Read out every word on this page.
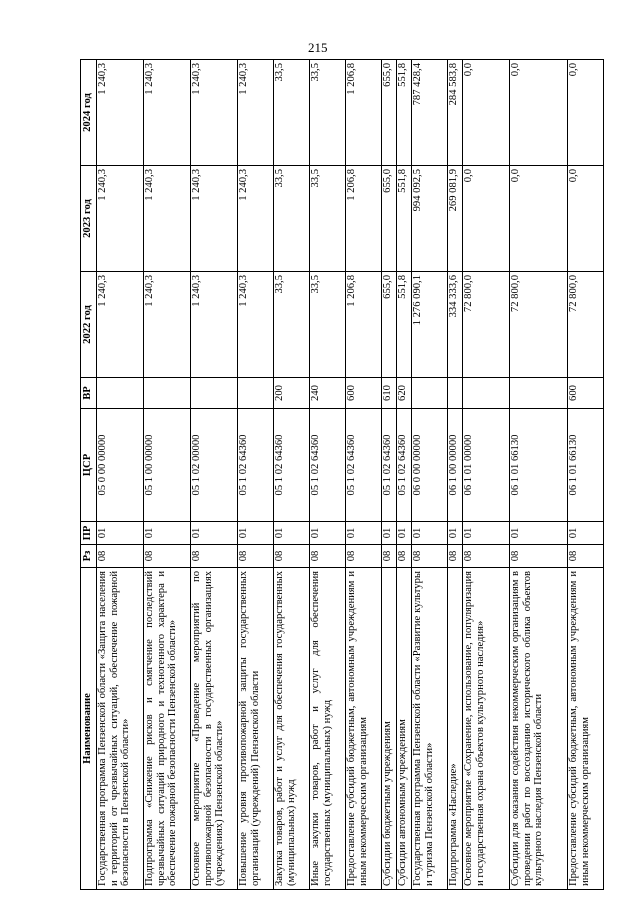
215
Наименование	Рз	ПР	ЦСР	ВР	2022 год	2023 год	2024 год
Государственная программа Пензенской области «Защита населения и территорий от чрезвычайных ситуаций, обеспечение пожарной безопасности в Пензенской области»	08	01	05 0 00 00000		1 240,3	1 240,3	1 240,3
Подпрограмма «Снижение рисков и смягчение последствий чрезвычайных ситуаций природного и техногенного характера и обеспечение пожарной безопасности Пензенской области»	08	01	05 1 00 00000		1 240,3	1 240,3	1 240,3
Основное мероприятие «Проведение мероприятий по противопожарной безопасности в государственных организациях (учреждениях) Пензенской области»	08	01	05 1 02 00000		1 240,3	1 240,3	1 240,3
Повышение уровня противопожарной защиты государственных организаций (учреждений) Пензенской области	08	01	05 1 02 64360		1 240,3	1 240,3	1 240,3
Закупка товаров, работ и услуг для обеспечения государственных (муниципальных) нужд	08	01	05 1 02 64360	200	33,5	33,5	33,5
Иные закупки товаров, работ и услуг для обеспечения государственных (муниципальных) нужд	08	01	05 1 02 64360	240	33,5	33,5	33,5
Предоставление субсидий бюджетным, автономным учреждениям и иным некоммерческим организациям	08	01	05 1 02 64360	600	1 206,8	1 206,8	1 206,8
Субсидии бюджетным учреждениям	08	01	05 1 02 64360	610	655,0	655,0	655,0
Субсидии автономным учреждениям	08	01	05 1 02 64360	620	551,8	551,8	551,8
Государственная программа Пензенской области «Развитие культуры и туризма Пензенской области»	08	01	06 0 00 00000		1 276 090,1	994 092,5	787 428,4
Подпрограмма «Наследие»	08	01	06 1 00 00000		334 333,6	269 081,9	284 583,8
Основное мероприятие «Сохранение, использование, популяризация и государственная охрана объектов культурного наследия»	08	01	06 1 01 00000		72 800,0	0,0	0,0
Субсидии для оказания содействия некоммерческим организациям в проведении работ по воссозданию исторического облика объектов культурного наследия Пензенской области	08	01	06 1 01 66130		72 800,0	0,0	0,0
Предоставление субсидий бюджетным, автономным учреждениям и иным некоммерческим организациям	08	01	06 1 01 66130	600	72 800,0	0,0	0,0
